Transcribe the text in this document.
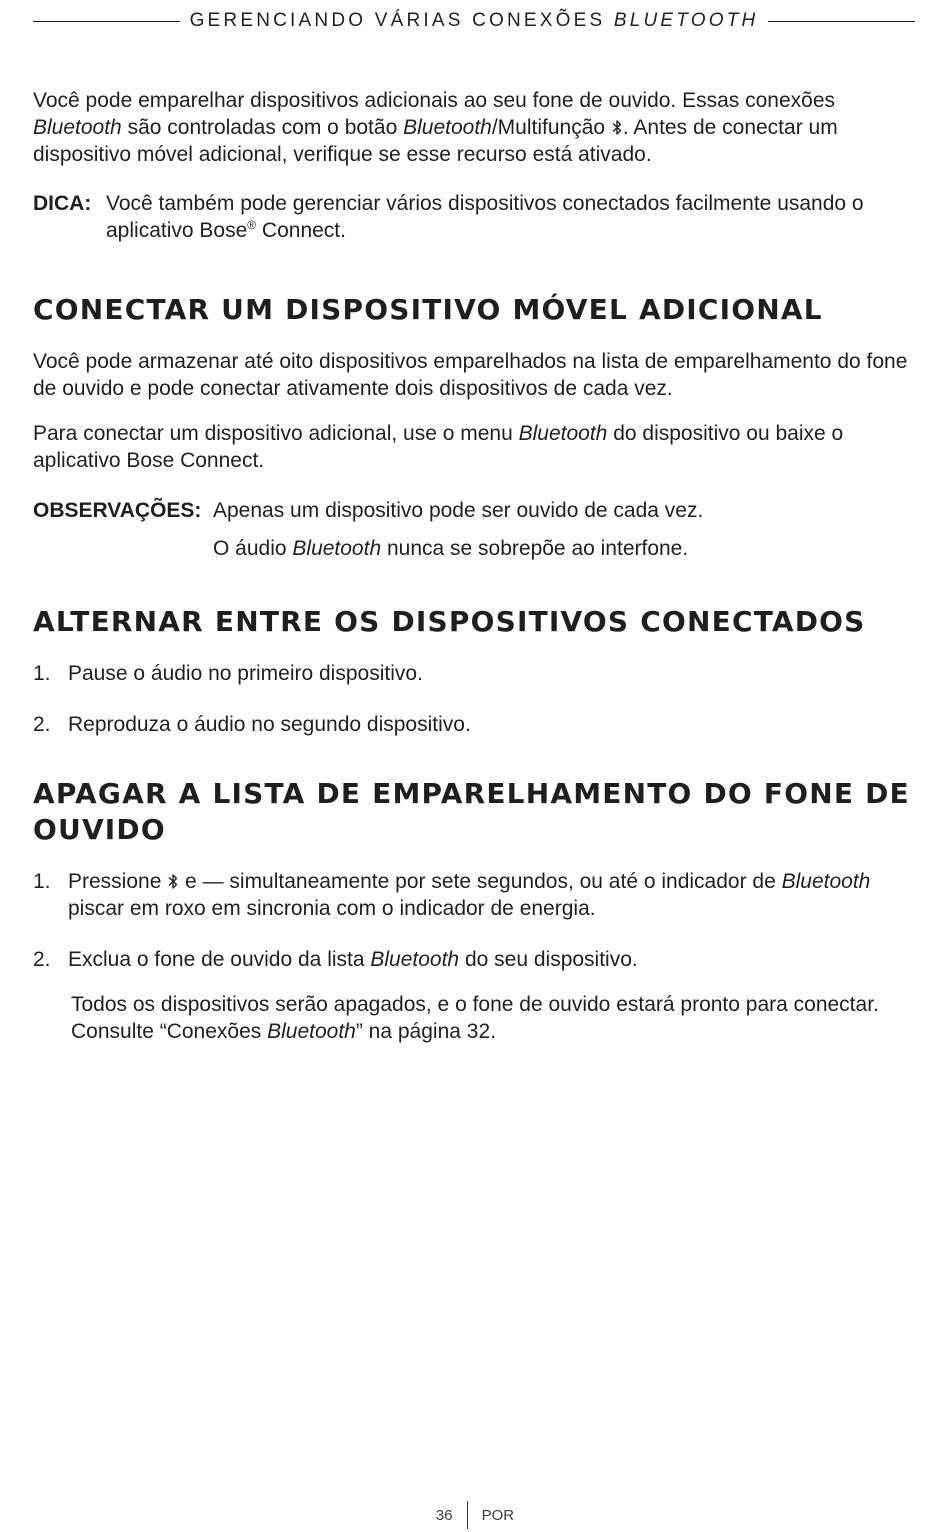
GERENCIANDO VÁRIAS CONEXÕES BLUETOOTH

Você pode emparelhar dispositivos adicionais ao seu fone de ouvido. Essas conexões Bluetooth são controladas com o botão Bluetooth/Multifunção . Antes de conectar um dispositivo móvel adicional, verifique se esse recurso está ativado.

DICA: Você também pode gerenciar vários dispositivos conectados facilmente usando o aplicativo Bose® Connect.
CONECTAR UM DISPOSITIVO MÓVEL ADICIONAL

Você pode armazenar até oito dispositivos emparelhados na lista de emparelhamento do fone de ouvido e pode conectar ativamente dois dispositivos de cada vez.

Para conectar um dispositivo adicional, use o menu Bluetooth do dispositivo ou baixe o aplicativo Bose Connect.

OBSERVAÇÕES: Apenas um dispositivo pode ser ouvido de cada vez.
O áudio Bluetooth nunca se sobrepõe ao interfone.
ALTERNAR ENTRE OS DISPOSITIVOS CONECTADOS
1. Pause o áudio no primeiro dispositivo.
2. Reproduza o áudio no segundo dispositivo.
APAGAR A LISTA DE EMPARELHAMENTO DO FONE DE OUVIDO
1. Pressione  e — simultaneamente por sete segundos, ou até o indicador de Bluetooth piscar em roxo em sincronia com o indicador de energia.
2. Exclua o fone de ouvido da lista Bluetooth do seu dispositivo.

Todos os dispositivos serão apagados, e o fone de ouvido estará pronto para conectar. Consulte “Conexões Bluetooth” na página 32.

36 POR
